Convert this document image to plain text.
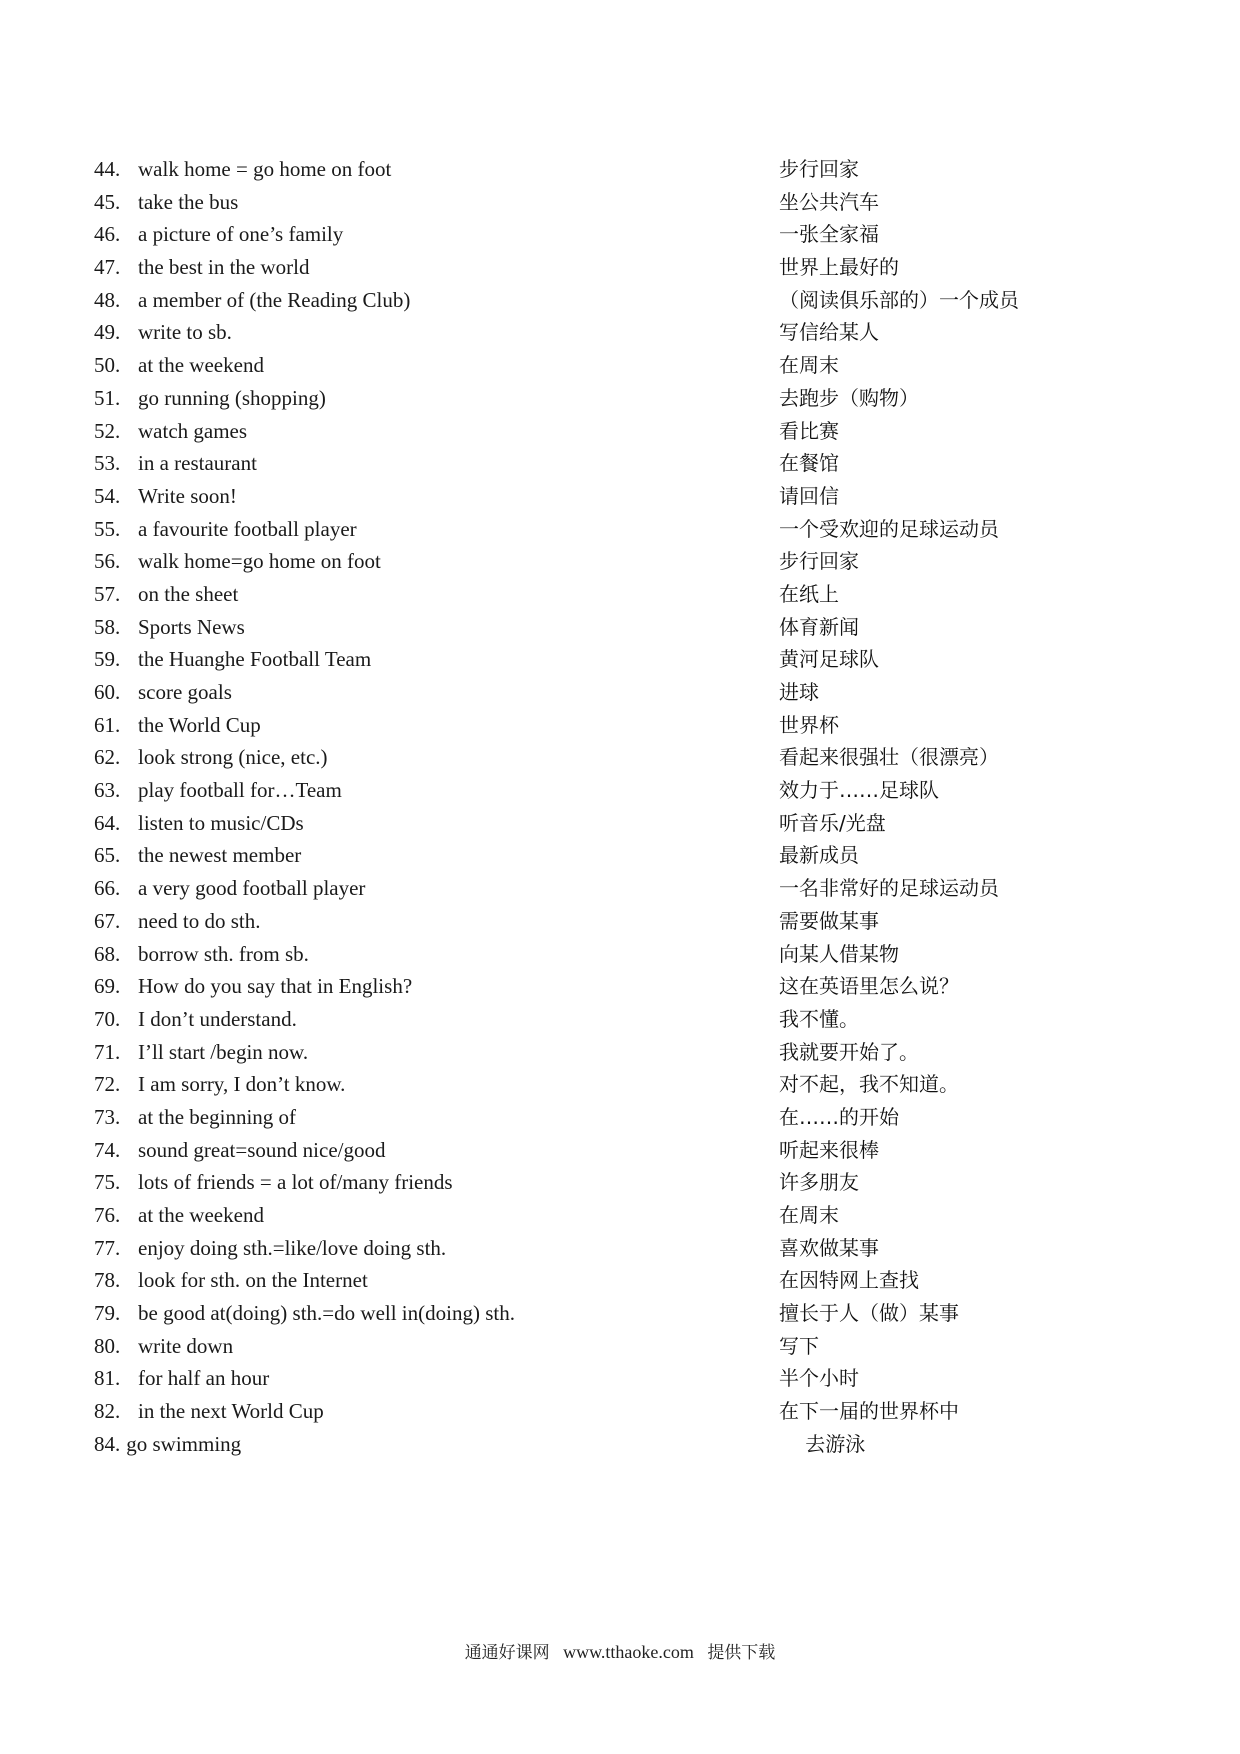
44. walk home = go home on foot	步行回家
45. take the bus	坐公共汽车
46. a picture of one’s family	一张全家福
47. the best in the world	世界上最好的
48. a member of (the Reading Club)	（阅读俱乐部的）一个成员
49. write to sb.	写信给某人
50. at the weekend	在周末
51. go running (shopping)	去跑步（购物）
52. watch games	看比赛
53. in a restaurant	在餐馆
54. Write soon!	请回信
55. a favourite football player	一个受欢迎的足球运动员
56. walk home=go home on foot	步行回家
57. on the sheet	在纸上
58. Sports News	体育新闻
59. the Huanghe Football Team	黄河足球队
60. score goals	进球
61. the World Cup	世界杯
62. look strong (nice, etc.)	看起来很强壮（很漂亮）
63. play football for…Team	效力于……足球队
64. listen to music/CDs	听音乐/光盘
65. the newest member	最新成员
66. a very good football player	一名非常好的足球运动员
67. need to do sth.	需要做某事
68. borrow sth. from sb.	向某人借某物
69. How do you say that in English?	这在英语里怎么说？
70. I don’t understand.	我不懂。
71. I’ll start /begin now.	我就要开始了。
72. I am sorry, I don’t know.	对不起，我不知道。
73. at the beginning of	在……的开始
74. sound great=sound nice/good	听起来很棒
75. lots of friends = a lot of/many friends	许多朋友
76. at the weekend	在周末
77. enjoy doing sth.=like/love doing sth.	喜欢做某事
78. look for sth. on the Internet	在因特网上查找
79. be good at(doing) sth.=do well in(doing) sth.	擅长于人（做）某事
80. write down	写下
81. for half an hour	半个小时
82. in the next World Cup	在下一届的世界杯中
84. go swimming	去游泳
通通好课网 www.tthaoke.com 提供下载
